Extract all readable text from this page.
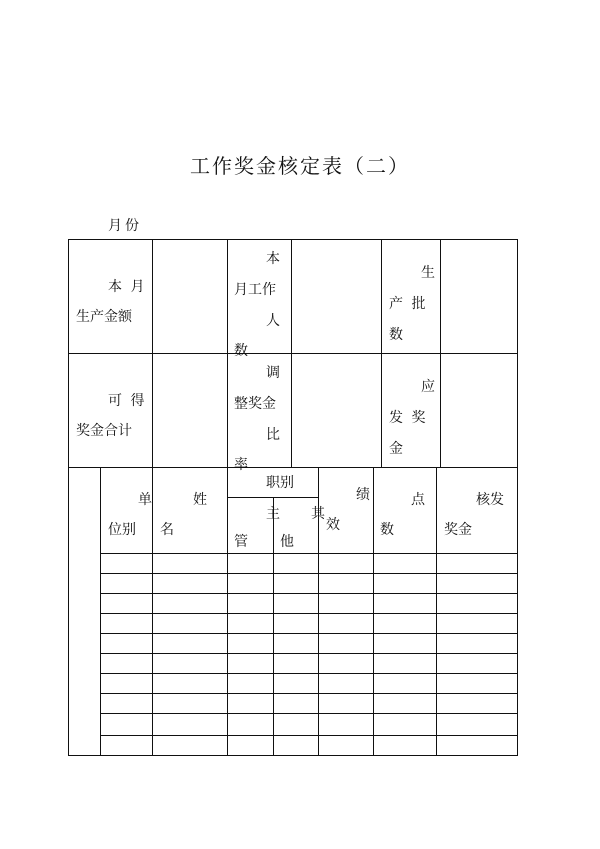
工作奖金核定表（二）
月份
本 月
生产金额
本
月工作
人
数
生
产 批
数
可 得
奖金合计
调
整奖金
比
率
应
发 奖
金
单
位别
姓
名
职别
主
管
其
他
绩
效
点
数
核发
奖金
